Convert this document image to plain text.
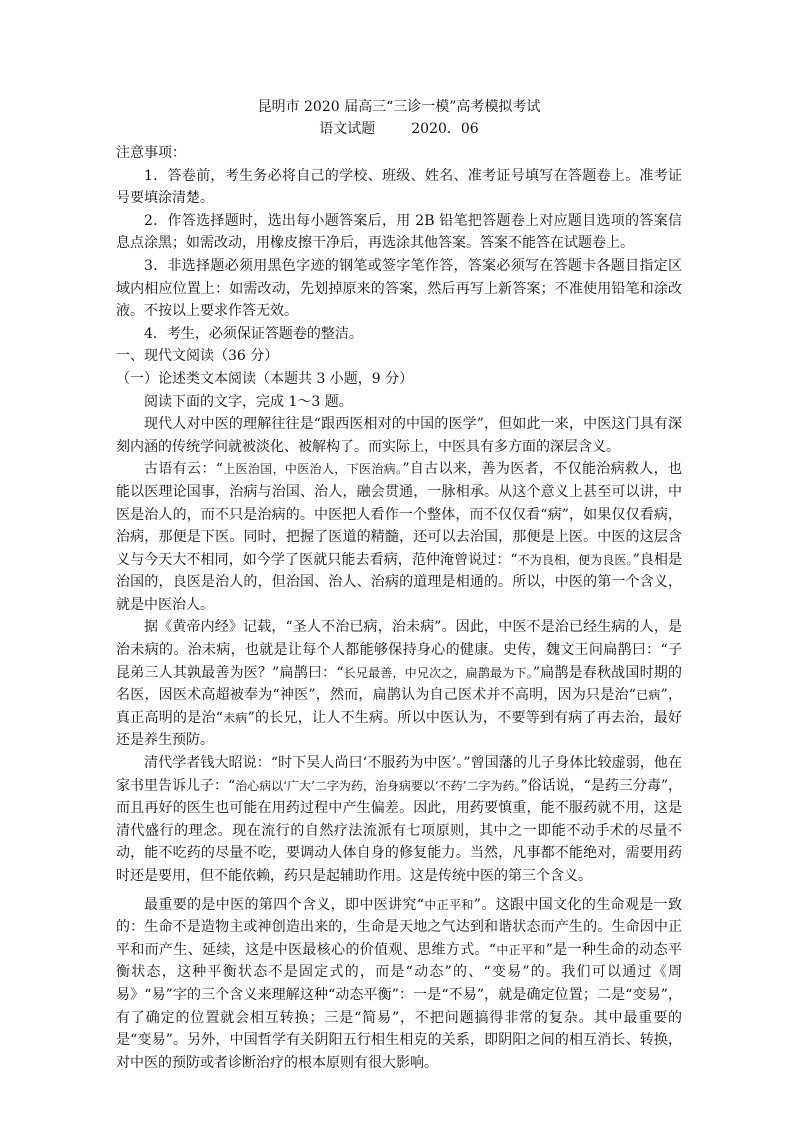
昆明市 2020 届高三“三诊一模”高考模拟考试
语文试题	2020．06

注意事项：

1．答卷前，考生务必将自己的学校、班级、姓名、准考证号填写在答题卷上。准考证号要填涂清楚。

2．作答选择题时，选出每小题答案后，用 2B 铅笔把答题卷上对应题目选项的答案信息点涂黑；如需改动，用橡皮擦干净后，再选涂其他答案。答案不能答在试题卷上。

3．非选择题必须用黑色字迹的钢笔或签字笔作答，答案必须写在答题卡各题目指定区域内相应位置上：如需改动，先划掉原来的答案，然后再写上新答案；不准使用铅笔和涂改液。不按以上要求作答无效。

4．考生，必须保证答题卷的整洁。

一、现代文阅读（36 分）

（一）论述类文本阅读（本题共 3 小题，9 分）

阅读下面的文字，完成 1～3 题。

现代人对中医的理解往往是“跟西医相对的中国的医学”，但如此一来，中医这门具有深刻内涵的传统学问就被淡化、被解构了。而实际上，中医具有多方面的深层含义。

古语有云：“上医治国，中医治人，下医治病。”自古以来，善为医者，不仅能治病救人，也能以医理论国事，治病与治国、治人，融会贯通，一脉相承。从这个意义上甚至可以讲，中医是治人的，而不只是治病的。中医把人看作一个整体，而不仅仅看“病”，如果仅仅看病，治病，那便是下医。同时，把握了医道的精髓，还可以去治国，那便是上医。中医的这层含义与今天大不相同，如今学了医就只能去看病，范仲淹曾说过：“不为良相，便为良医。”良相是治国的，良医是治人的，但治国、治人、治病的道理是相通的。所以，中医的第一个含义，就是中医治人。

据《黄帝内经》记载，“圣人不治已病，治未病”。因此，中医不是治已经生病的人，是治未病的。治未病，也就是让每个人都能够保持身心的健康。史传，魏文王问扁鹊曰：“子昆弟三人其孰最善为医？”扁鹊曰：“长兄最善，中兄次之，扁鹊最为下。”扁鹊是春秋战国时期的名医，因医术高超被奉为“神医”，然而，扁鹊认为自己医术并不高明，因为只是治“已病”，真正高明的是治“未病”的长兄，让人不生病。所以中医认为，不要等到有病了再去治，最好还是养生预防。

清代学者钱大昭说：“时下吴人尚曰‘不服药为中医’。”曾国藩的儿子身体比较虚弱，他在家书里告诉儿子：“治心病以‘广大’二字为药，治身病要以‘不药’二字为药。”俗话说，“是药三分毒”，而且再好的医生也可能在用药过程中产生偏差。因此，用药要慎重，能不服药就不用，这是清代盛行的理念。现在流行的自然疗法流派有七项原则，其中之一即能不动手术的尽量不动，能不吃药的尽量不吃，要调动人体自身的修复能力。当然，凡事都不能绝对，需要用药时还是要用，但不能依赖，药只是起辅助作用。这是传统中医的第三个含义。

最重要的是中医的第四个含义，即中医讲究“中正平和”。这跟中国文化的生命观是一致的：生命不是造物主或神创造出来的，生命是天地之气达到和谐状态而产生的。生命因中正平和而产生、延续，这是中医最核心的价值观、思维方式。“中正平和”是一种生命的动态平衡状态，这种平衡状态不是固定式的，而是“动态”的、“变易”的。我们可以通过《周易》“易”字的三个含义来理解这种“动态平衡”：一是“不易”，就是确定位置；二是“变易”，有了确定的位置就会相互转换；三是“简易”，不把问题搞得非常的复杂。其中最重要的是“变易”。另外，中国哲学有关阴阳五行相生相克的关系，即阴阳之间的相互消长、转换，对中医的预防或者诊断治疗的根本原则有很大影响。
